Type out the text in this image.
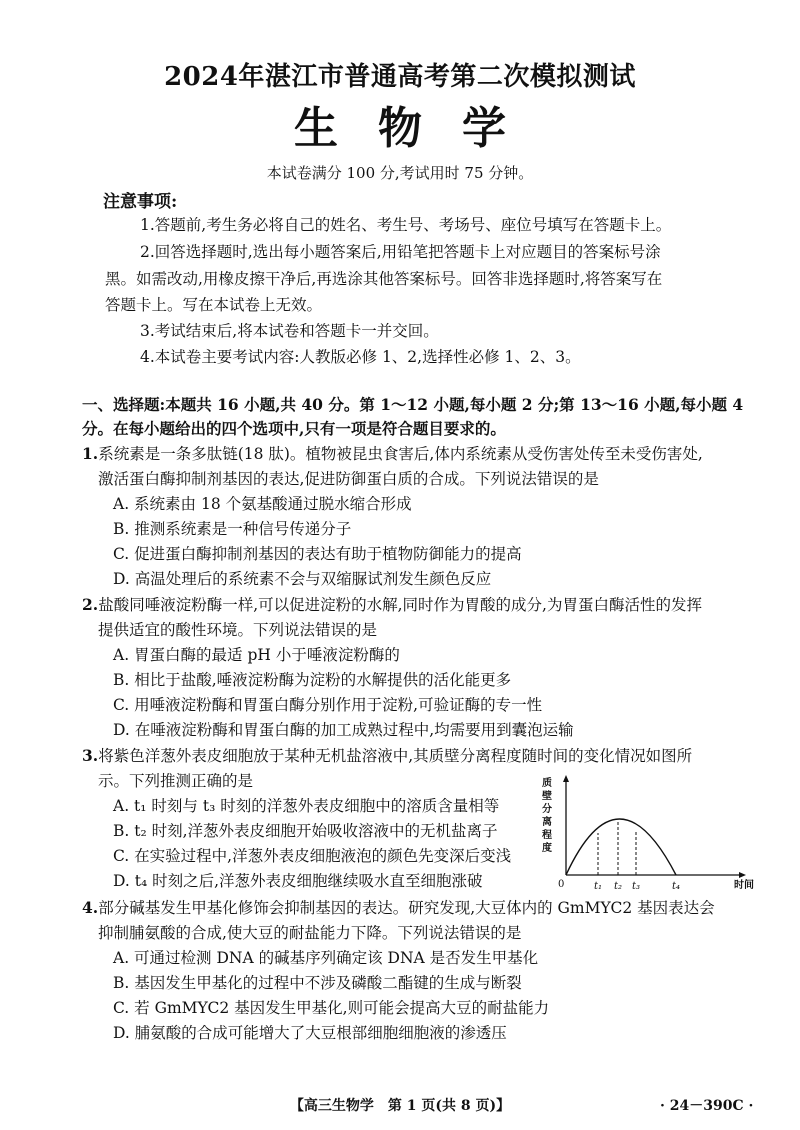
2024年湛江市普通高考第二次模拟测试
生物学
本试卷满分 100 分,考试用时 75 分钟。
注意事项:
1.答题前,考生务必将自己的姓名、考生号、考场号、座位号填写在答题卡上。
2.回答选择题时,选出每小题答案后,用铅笔把答题卡上对应题目的答案标号涂
黑。如需改动,用橡皮擦干净后,再选涂其他答案标号。回答非选择题时,将答案写在
答题卡上。写在本试卷上无效。
3.考试结束后,将本试卷和答题卡一并交回。
4.本试卷主要考试内容:人教版必修 1、2,选择性必修 1、2、3。
一、选择题:本题共 16 小题,共 40 分。第 1～12 小题,每小题 2 分;第 13～16 小题,每小题 4
分。在每小题给出的四个选项中,只有一项是符合题目要求的。
1.系统素是一条多肽链(18 肽)。植物被昆虫食害后,体内系统素从受伤害处传至未受伤害处,
激活蛋白酶抑制剂基因的表达,促进防御蛋白质的合成。下列说法错误的是
A. 系统素由 18 个氨基酸通过脱水缩合形成
B. 推测系统素是一种信号传递分子
C. 促进蛋白酶抑制剂基因的表达有助于植物防御能力的提高
D. 高温处理后的系统素不会与双缩脲试剂发生颜色反应
2.盐酸同唾液淀粉酶一样,可以促进淀粉的水解,同时作为胃酸的成分,为胃蛋白酶活性的发挥
提供适宜的酸性环境。下列说法错误的是
A. 胃蛋白酶的最适 pH 小于唾液淀粉酶的
B. 相比于盐酸,唾液淀粉酶为淀粉的水解提供的活化能更多
C. 用唾液淀粉酶和胃蛋白酶分别作用于淀粉,可验证酶的专一性
D. 在唾液淀粉酶和胃蛋白酶的加工成熟过程中,均需要用到囊泡运输
3.将紫色洋葱外表皮细胞放于某种无机盐溶液中,其质壁分离程度随时间的变化情况如图所
示。下列推测正确的是
A. t₁ 时刻与 t₃ 时刻的洋葱外表皮细胞中的溶质含量相等
B. t₂ 时刻,洋葱外表皮细胞开始吸收溶液中的无机盐离子
C. 在实验过程中,洋葱外表皮细胞液泡的颜色先变深后变浅
D. t₄ 时刻之后,洋葱外表皮细胞继续吸水直至细胞涨破
质
壁
分
离
程
度
0	t₁ t₂ t₃	t₄	时间
4.部分碱基发生甲基化修饰会抑制基因的表达。研究发现,大豆体内的 GmMYC2 基因表达会
抑制脯氨酸的合成,使大豆的耐盐能力下降。下列说法错误的是
A. 可通过检测 DNA 的碱基序列确定该 DNA 是否发生甲基化
B. 基因发生甲基化的过程中不涉及磷酸二酯键的生成与断裂
C. 若 GmMYC2 基因发生甲基化,则可能会提高大豆的耐盐能力
D. 脯氨酸的合成可能增大了大豆根部细胞细胞液的渗透压
【高三生物学　第 1 页(共 8 页)】	· 24－390C ·
